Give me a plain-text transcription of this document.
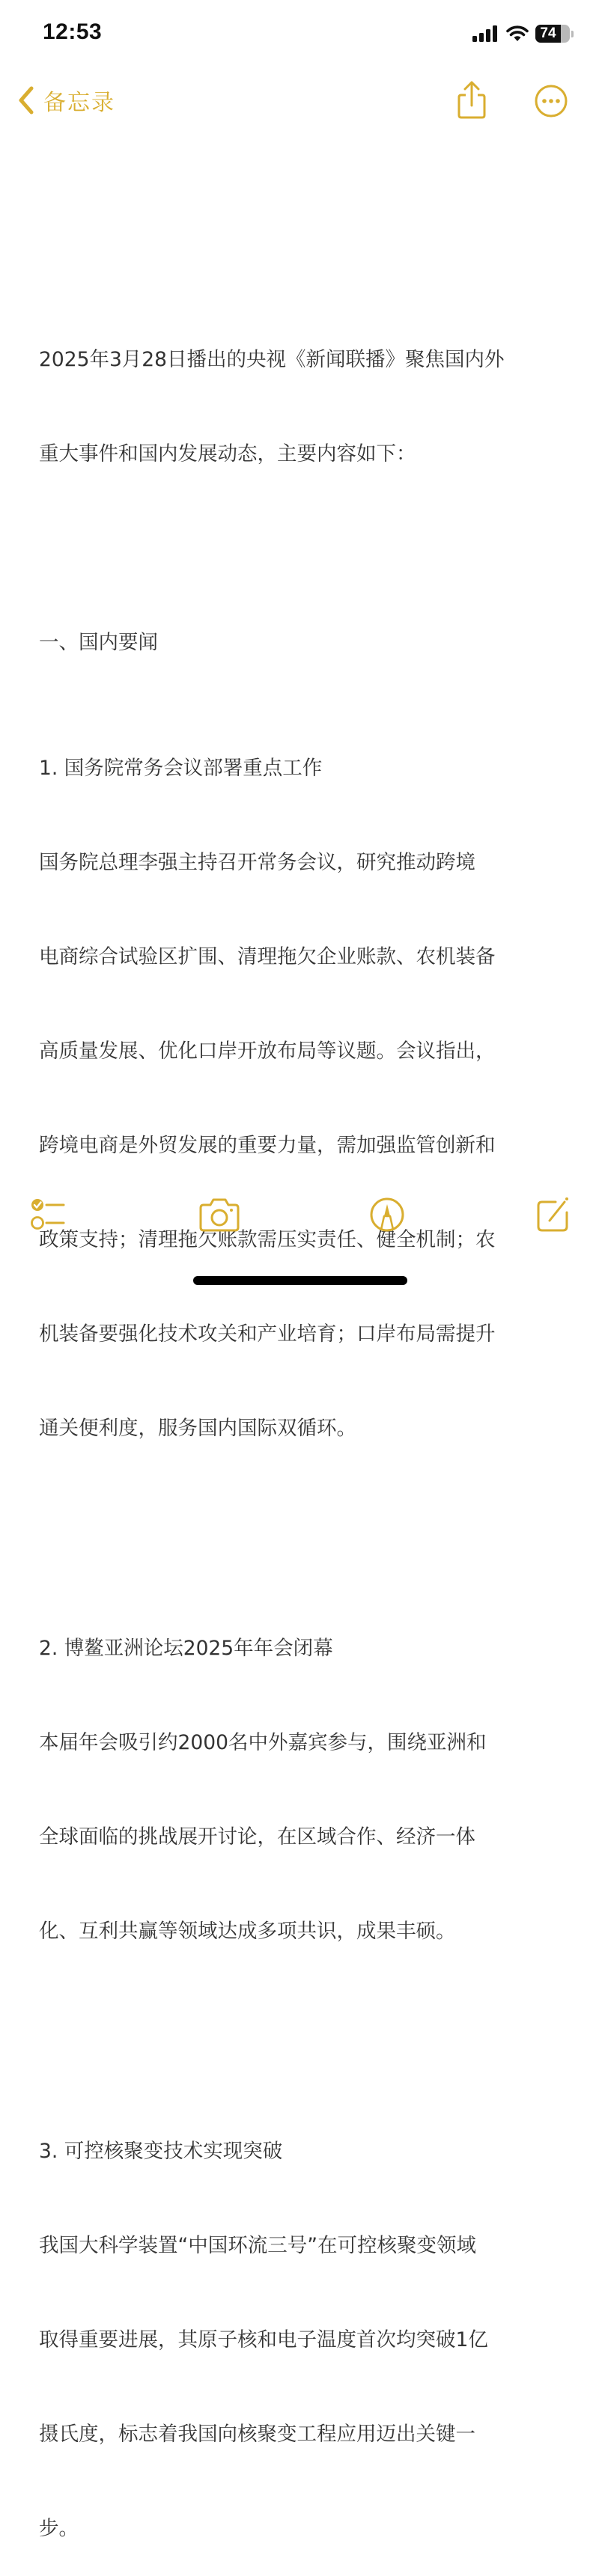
12:53	74
备忘录

2025年3月28日播出的央视《新闻联播》聚焦国内外

重大事件和国内发展动态，主要内容如下：

一、国内要闻

1. 国务院常务会议部署重点工作

国务院总理李强主持召开常务会议，研究推动跨境

电商综合试验区扩围、清理拖欠企业账款、农机装备

高质量发展、优化口岸开放布局等议题。会议指出，

跨境电商是外贸发展的重要力量，需加强监管创新和

政策支持；清理拖欠账款需压实责任、健全机制；农

机装备要强化技术攻关和产业培育；口岸布局需提升

通关便利度，服务国内国际双循环。

2. 博鳌亚洲论坛2025年年会闭幕

本届年会吸引约2000名中外嘉宾参与，围绕亚洲和

全球面临的挑战展开讨论，在区域合作、经济一体

化、互利共赢等领域达成多项共识，成果丰硕。

3. 可控核聚变技术实现突破

我国大科学装置“中国环流三号”在可控核聚变领域

取得重要进展，其原子核和电子温度首次均突破1亿

摄氏度，标志着我国向核聚变工程应用迈出关键一

步。
